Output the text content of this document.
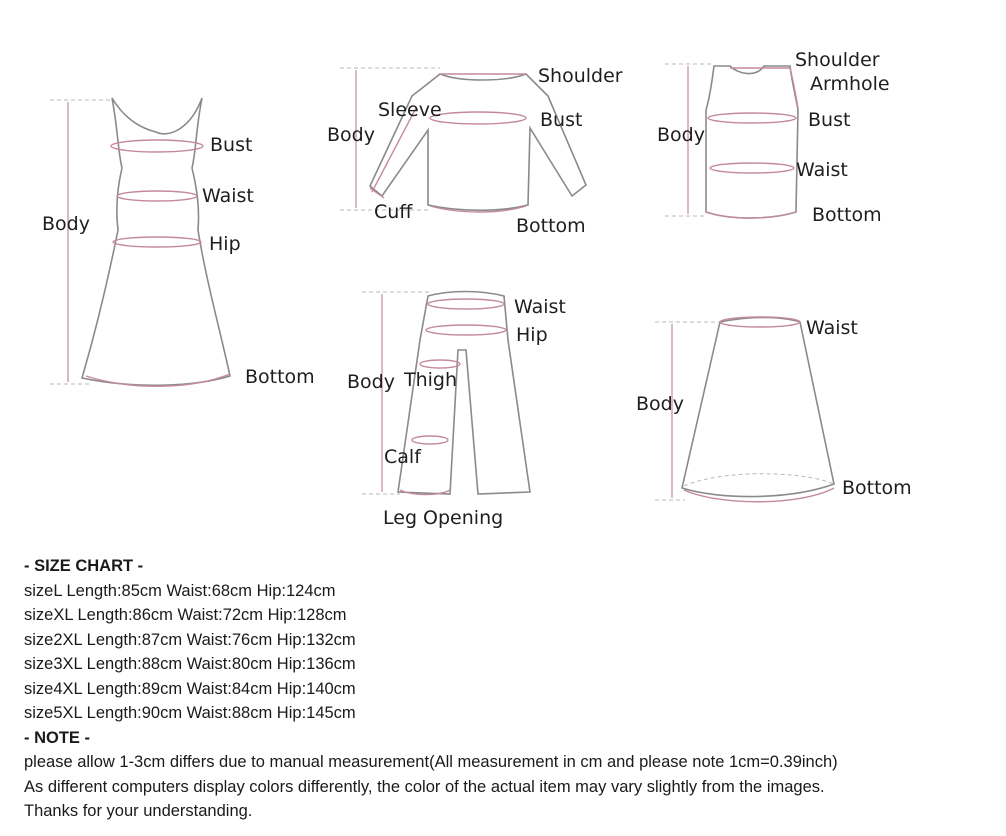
Body
Bust
Waist
Hip
Bottom
Body
Sleeve
Shoulder
Bust
Cuff
Bottom
Body
Shoulder
Armhole
Bust
Waist
Bottom
Body Thigh
Waist
Hip
Calf
Leg Opening
Body
Waist
Bottom
- SIZE CHART -
sizeL Length:85cm Waist:68cm Hip:124cm
sizeXL Length:86cm Waist:72cm Hip:128cm
size2XL Length:87cm Waist:76cm Hip:132cm
size3XL Length:88cm Waist:80cm Hip:136cm
size4XL Length:89cm Waist:84cm Hip:140cm
size5XL Length:90cm Waist:88cm Hip:145cm
- NOTE -
please allow 1-3cm differs due to manual measurement(All measurement in cm and please note 1cm=0.39inch)
As different computers display colors differently, the color of the actual item may vary slightly from the images.
Thanks for your understanding.
